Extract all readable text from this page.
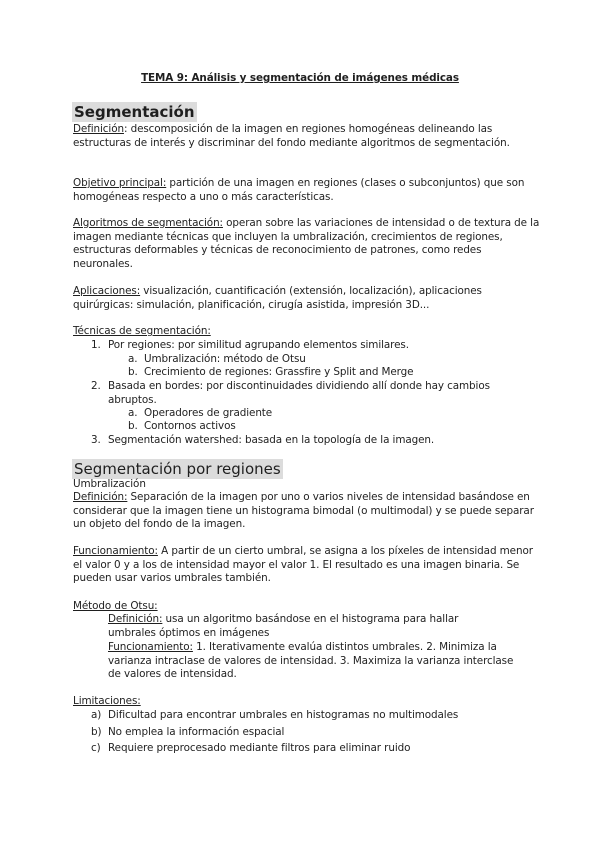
TEMA 9: Análisis y segmentación de imágenes médicas
Segmentación
Definición: descomposición de la imagen en regiones homogéneas delineando las estructuras de interés y discriminar del fondo mediante algoritmos de segmentación.
Objetivo principal: partición de una imagen en regiones (clases o subconjuntos) que son homogéneas respecto a uno o más características.
Algoritmos de segmentación: operan sobre las variaciones de intensidad o de textura de la imagen mediante técnicas que incluyen la umbralización, crecimientos de regiones, estructuras deformables y técnicas de reconocimiento de patrones, como redes neuronales.
Aplicaciones: visualización, cuantificación (extensión, localización), aplicaciones quirúrgicas: simulación, planificación, cirugía asistida, impresión 3D...
Técnicas de segmentación:
1. Por regiones: por similitud agrupando elementos similares.
a. Umbralización: método de Otsu
b. Crecimiento de regiones: Grassfire y Split and Merge
2. Basada en bordes: por discontinuidades dividiendo allí donde hay cambios abruptos.
a. Operadores de gradiente
b. Contornos activos
3. Segmentación watershed: basada en la topología de la imagen.
Segmentación por regiones
Umbralización
Definición: Separación de la imagen por uno o varios niveles de intensidad basándose en considerar que la imagen tiene un histograma bimodal (o multimodal) y se puede separar un objeto del fondo de la imagen.
Funcionamiento: A partir de un cierto umbral, se asigna a los píxeles de intensidad menor el valor 0 y a los de intensidad mayor el valor 1. El resultado es una imagen binaria. Se pueden usar varios umbrales también.
Método de Otsu:
Definición: usa un algoritmo basándose en el histograma para hallar umbrales óptimos en imágenes
Funcionamiento: 1. Iterativamente evalúa distintos umbrales. 2. Minimiza la varianza intraclase de valores de intensidad. 3. Maximiza la varianza interclase de valores de intensidad.
Limitaciones:
a) Dificultad para encontrar umbrales en histogramas no multimodales
b) No emplea la información espacial
c) Requiere preprocesado mediante filtros para eliminar ruido
